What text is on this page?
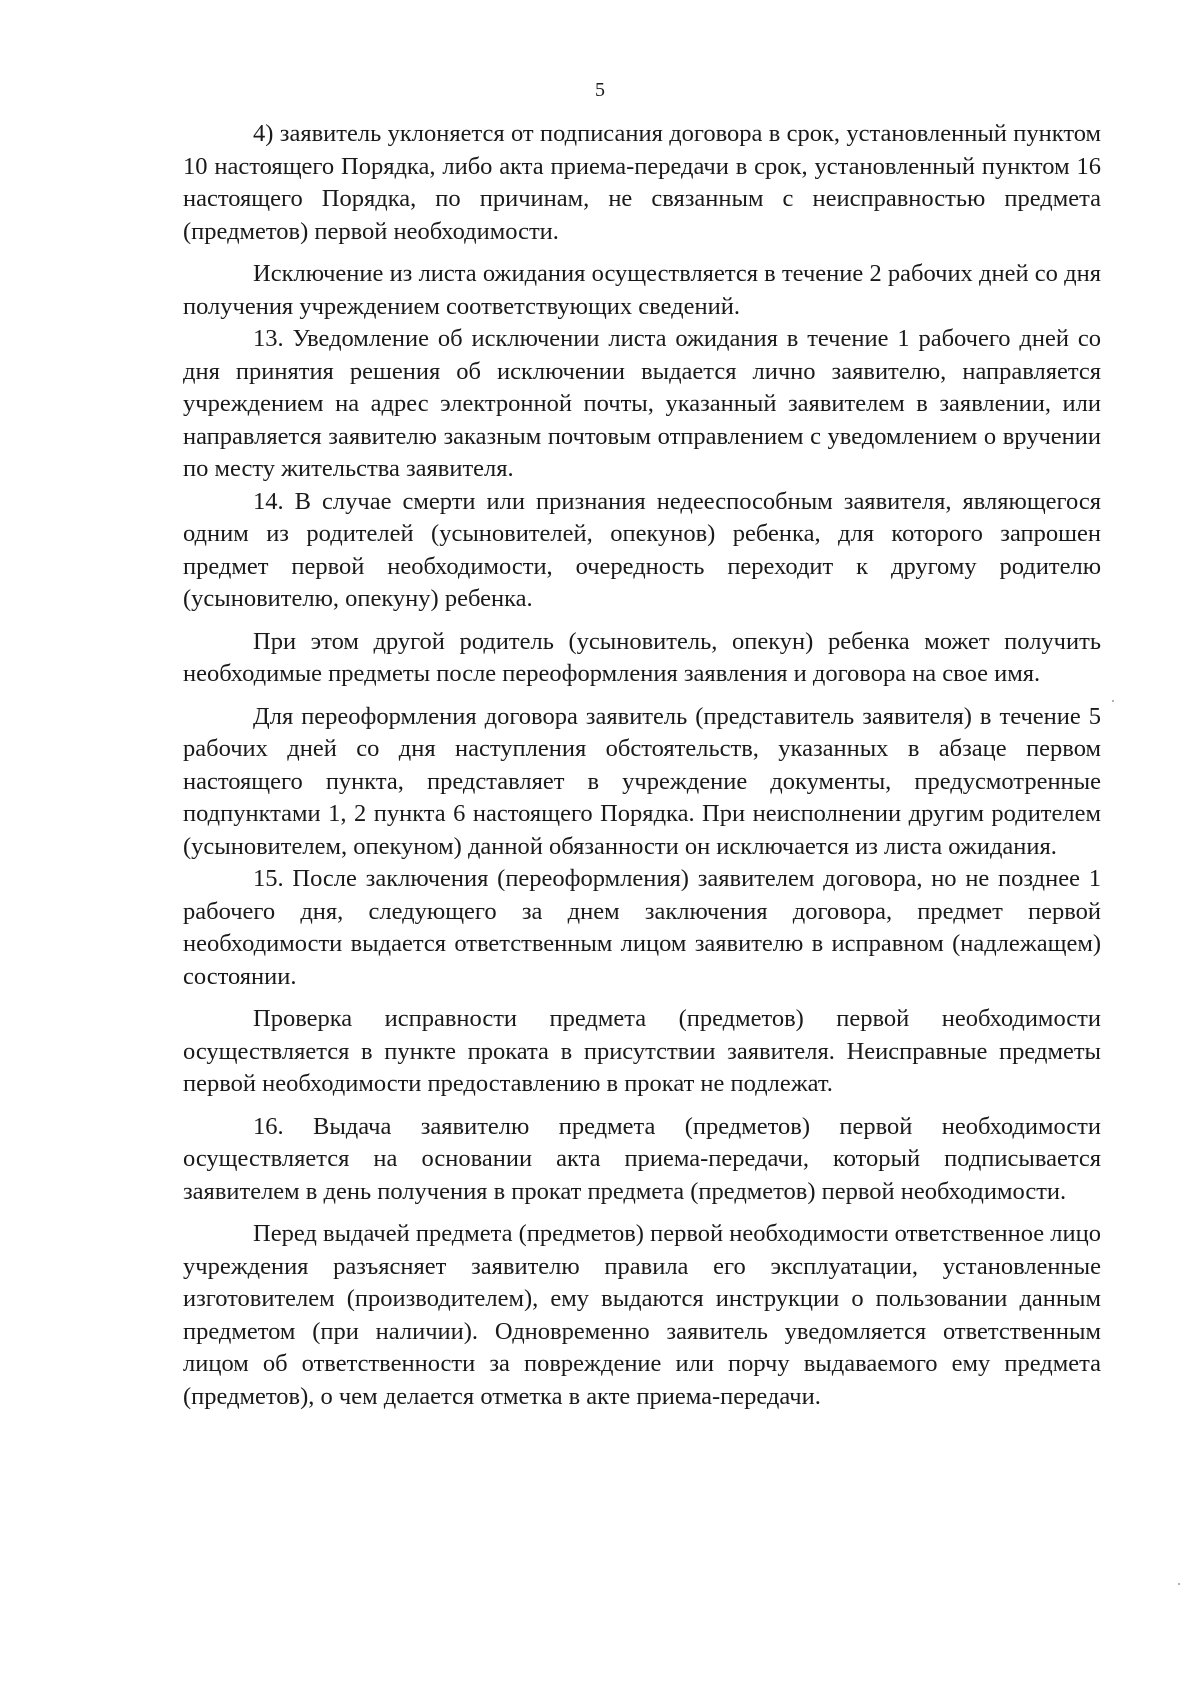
5

4) заявитель уклоняется от подписания договора в срок, установленный пунктом 10 настоящего Порядка, либо акта приема-передачи в срок, установленный пунктом 16 настоящего Порядка, по причинам, не связанным с неисправностью предмета (предметов) первой необходимости.

Исключение из листа ожидания осуществляется в течение 2 рабочих дней со дня получения учреждением соответствующих сведений.

13. Уведомление об исключении листа ожидания в течение 1 рабочего дней со дня принятия решения об исключении выдается лично заявителю, направляется учреждением на адрес электронной почты, указанный заявителем в заявлении, или направляется заявителю заказным почтовым отправлением с уведомлением о вручении по месту жительства заявителя.

14. В случае смерти или признания недееспособным заявителя, являющегося одним из родителей (усыновителей, опекунов) ребенка, для которого запрошен предмет первой необходимости, очередность переходит к другому родителю (усыновителю, опекуну) ребенка.

При этом другой родитель (усыновитель, опекун) ребенка может получить необходимые предметы после переоформления заявления и договора на свое имя.

Для переоформления договора заявитель (представитель заявителя) в течение 5 рабочих дней со дня наступления обстоятельств, указанных в абзаце первом настоящего пункта, представляет в учреждение документы, предусмотренные подпунктами 1, 2 пункта 6 настоящего Порядка. При неисполнении другим родителем (усыновителем, опекуном) данной обязанности он исключается из листа ожидания.

15. После заключения (переоформления) заявителем договора, но не позднее 1 рабочего дня, следующего за днем заключения договора, предмет первой необходимости выдается ответственным лицом заявителю в исправном (надлежащем) состоянии.

Проверка исправности предмета (предметов) первой необходимости осуществляется в пункте проката в присутствии заявителя. Неисправные предметы первой необходимости предоставлению в прокат не подлежат.

16. Выдача заявителю предмета (предметов) первой необходимости осуществляется на основании акта приема-передачи, который подписывается заявителем в день получения в прокат предмета (предметов) первой необходимости.

Перед выдачей предмета (предметов) первой необходимости ответственное лицо учреждения разъясняет заявителю правила его эксплуатации, установленные изготовителем (производителем), ему выдаются инструкции о пользовании данным предметом (при наличии). Одновременно заявитель уведомляется ответственным лицом об ответственности за повреждение или порчу выдаваемого ему предмета (предметов), о чем делается отметка в акте приема-передачи.
